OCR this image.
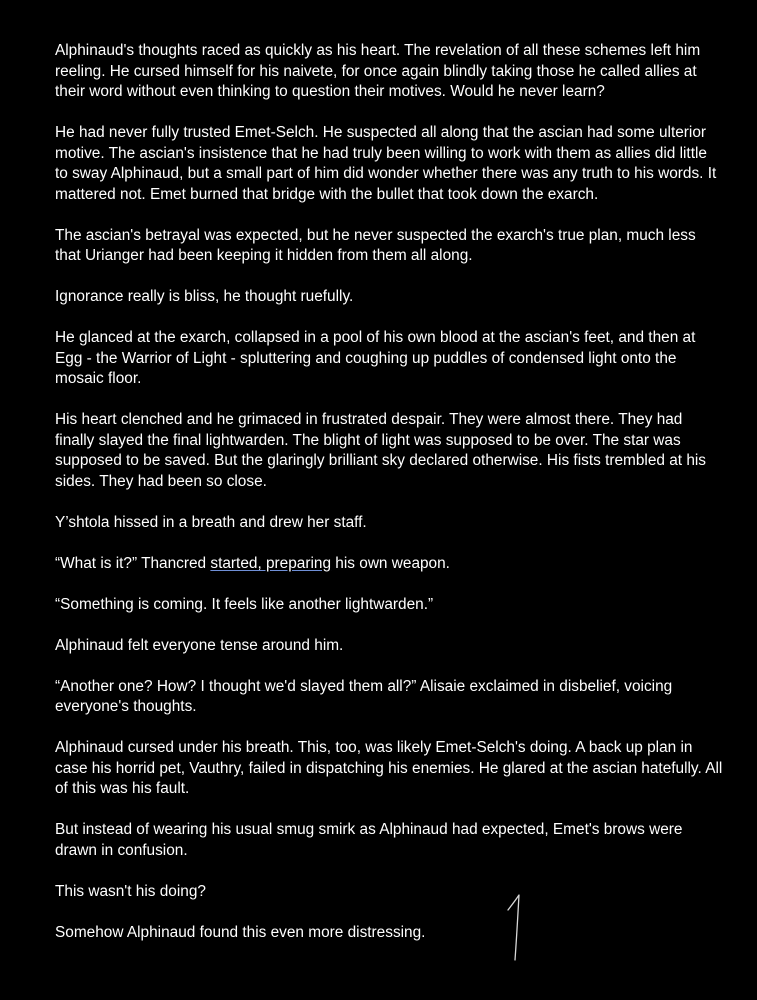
Alphinaud's thoughts raced as quickly as his heart. The revelation of all these schemes left him reeling. He cursed himself for his naivete, for once again blindly taking those he called allies at their word without even thinking to question their motives. Would he never learn?

He had never fully trusted Emet-Selch. He suspected all along that the ascian had some ulterior motive. The ascian's insistence that he had truly been willing to work with them as allies did little to sway Alphinaud, but a small part of him did wonder whether there was any truth to his words. It mattered not. Emet burned that bridge with the bullet that took down the exarch.

The ascian's betrayal was expected, but he never suspected the exarch's true plan, much less that Urianger had been keeping it hidden from them all along.

Ignorance really is bliss, he thought ruefully.

He glanced at the exarch, collapsed in a pool of his own blood at the ascian's feet, and then at Egg - the Warrior of Light - spluttering and coughing up puddles of condensed light onto the mosaic floor.

His heart clenched and he grimaced in frustrated despair. They were almost there. They had finally slayed the final lightwarden. The blight of light was supposed to be over. The star was supposed to be saved. But the glaringly brilliant sky declared otherwise. His fists trembled at his sides. They had been so close.

Y’shtola hissed in a breath and drew her staff.

“What is it?” Thancred started, preparing his own weapon.

“Something is coming. It feels like another lightwarden.”

Alphinaud felt everyone tense around him.

“Another one? How? I thought we'd slayed them all?” Alisaie exclaimed in disbelief, voicing everyone's thoughts.

Alphinaud cursed under his breath. This, too, was likely Emet-Selch's doing. A back up plan in case his horrid pet, Vauthry, failed in dispatching his enemies. He glared at the ascian hatefully. All of this was his fault.

But instead of wearing his usual smug smirk as Alphinaud had expected, Emet's brows were drawn in confusion.

This wasn't his doing?

Somehow Alphinaud found this even more distressing.
